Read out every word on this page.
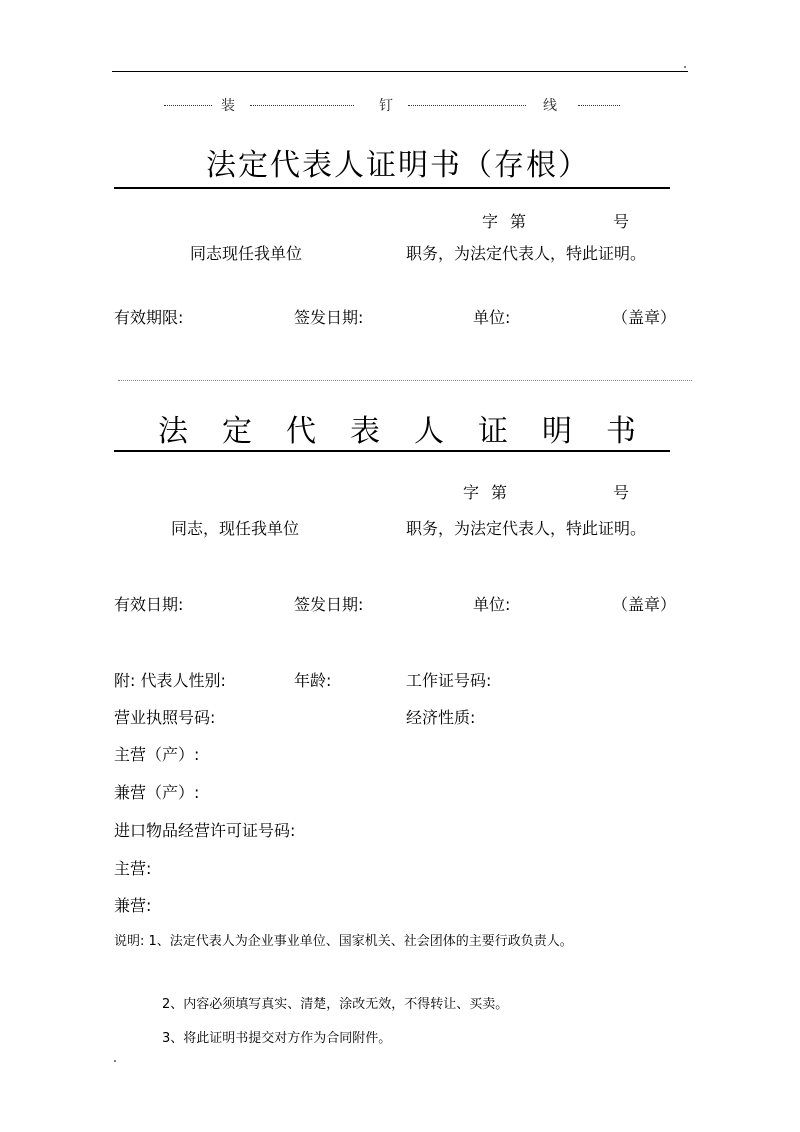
装	钉	线
法定代表人证明书（存根）
字 第	号
同志现任我单位	职务，为法定代表人，特此证明。
有效期限:	签发日期:	单位:	（盖章）
法 定 代 表 人 证 明 书
字 第	号
同志，现任我单位	职务，为法定代表人，特此证明。
有效日期:	签发日期:	单位:	（盖章）
附: 代表人性别:	年龄:	工作证号码:
营业执照号码:	经济性质:
主营（产）:
兼营（产）:
进口物品经营许可证号码:
主营:
兼营:
说明: 1、法定代表人为企业事业单位、国家机关、社会团体的主要行政负责人。
2、内容必须填写真实、清楚，涂改无效，不得转让、买卖。
3、将此证明书提交对方作为合同附件。
